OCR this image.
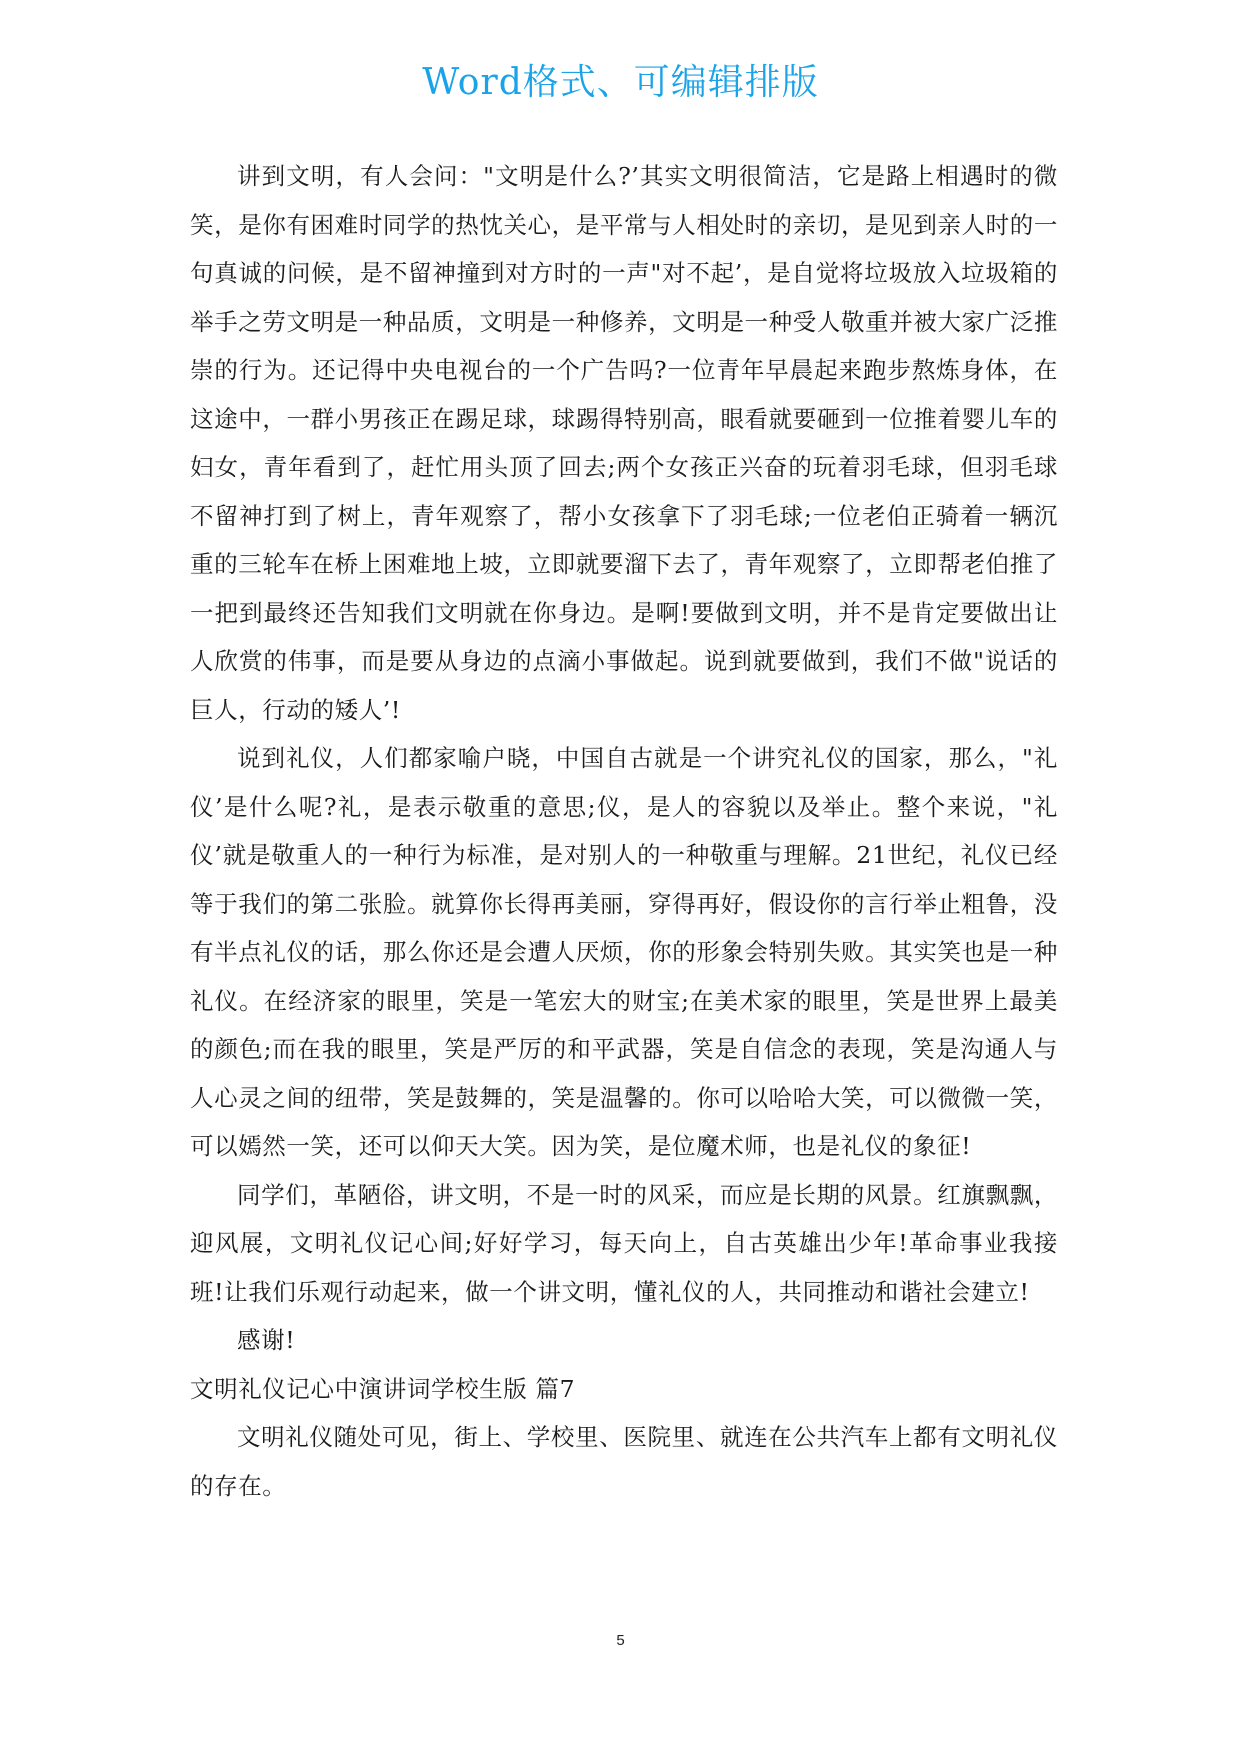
Word格式、可编辑排版

讲到文明，有人会问："文明是什么?’其实文明很简洁，它是路上相遇时的微笑，是你有困难时同学的热忱关心，是平常与人相处时的亲切，是见到亲人时的一句真诚的问候，是不留神撞到对方时的一声"对不起’，是自觉将垃圾放入垃圾箱的举手之劳文明是一种品质，文明是一种修养，文明是一种受人敬重并被大家广泛推崇的行为。还记得中央电视台的一个广告吗?一位青年早晨起来跑步熬炼身体，在这途中，一群小男孩正在踢足球，球踢得特别高，眼看就要砸到一位推着婴儿车的妇女，青年看到了，赶忙用头顶了回去;两个女孩正兴奋的玩着羽毛球，但羽毛球不留神打到了树上，青年观察了，帮小女孩拿下了羽毛球;一位老伯正骑着一辆沉重的三轮车在桥上困难地上坡，立即就要溜下去了，青年观察了，立即帮老伯推了一把到最终还告知我们文明就在你身边。是啊!要做到文明，并不是肯定要做出让人欣赏的伟事，而是要从身边的点滴小事做起。说到就要做到，我们不做"说话的巨人，行动的矮人’!

说到礼仪，人们都家喻户晓，中国自古就是一个讲究礼仪的国家，那么，"礼仪’是什么呢?礼，是表示敬重的意思;仪，是人的容貌以及举止。整个来说，"礼仪’就是敬重人的一种行为标准，是对别人的一种敬重与理解。21世纪，礼仪已经等于我们的第二张脸。就算你长得再美丽，穿得再好，假设你的言行举止粗鲁，没有半点礼仪的话，那么你还是会遭人厌烦，你的形象会特别失败。其实笑也是一种礼仪。在经济家的眼里，笑是一笔宏大的财宝;在美术家的眼里，笑是世界上最美的颜色;而在我的眼里，笑是严厉的和平武器，笑是自信念的表现，笑是沟通人与人心灵之间的纽带，笑是鼓舞的，笑是温馨的。你可以哈哈大笑，可以微微一笑，可以嫣然一笑，还可以仰天大笑。因为笑，是位魔术师，也是礼仪的象征!

同学们，革陋俗，讲文明，不是一时的风采，而应是长期的风景。红旗飘飘，迎风展，文明礼仪记心间;好好学习，每天向上，自古英雄出少年!革命事业我接班!让我们乐观行动起来，做一个讲文明，懂礼仪的人，共同推动和谐社会建立!

感谢!

文明礼仪记心中演讲词学校生版 篇7

文明礼仪随处可见，街上、学校里、医院里、就连在公共汽车上都有文明礼仪的存在。

5
